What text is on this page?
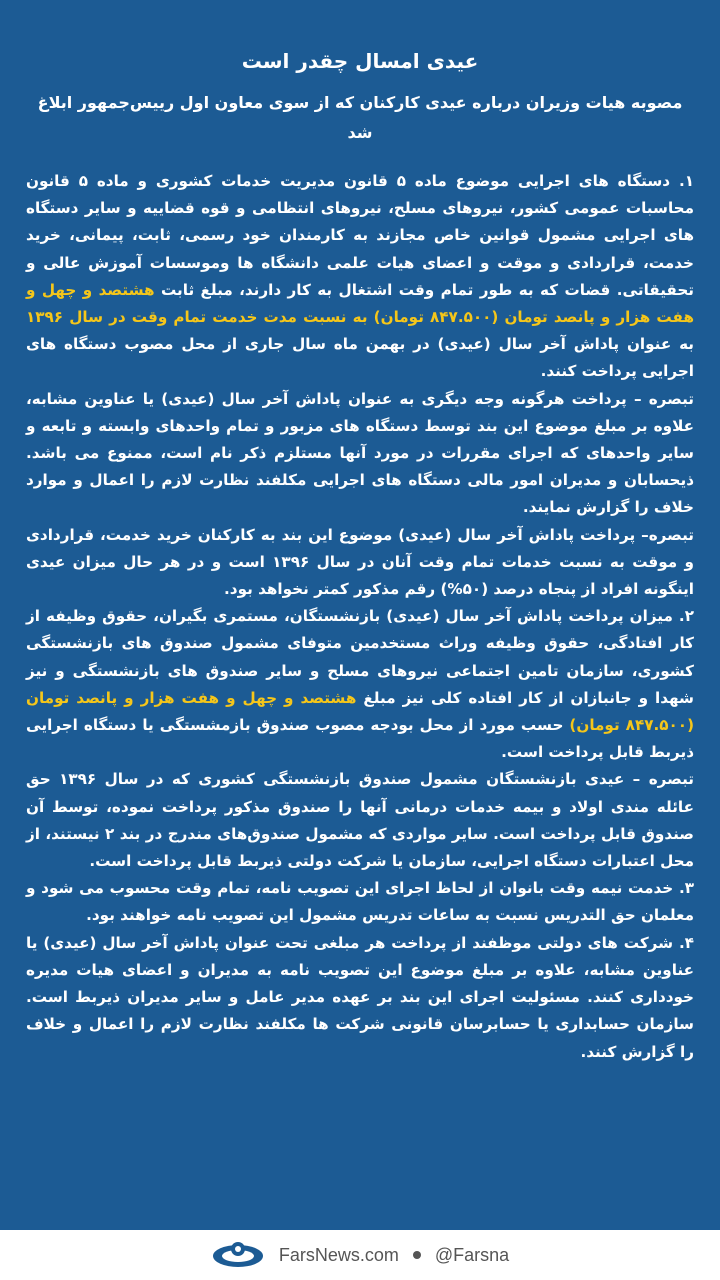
عیدی امسال چقدر است
مصوبه هیات وزیران درباره عیدی کارکنان که از سوی معاون اول رییس‌جمهور ابلاغ شد

۱. دستگاه های اجرایی موضوع ماده ۵ قانون مدیریت خدمات کشوری و ماده ۵ قانون محاسبات عمومی کشور، نیروهای مسلح، نیروهای انتظامی و قوه قضاییه و سایر دستگاه های اجرایی مشمول قوانین خاص مجازند به کارمندان خود رسمی، ثابت، پیمانی، خرید خدمت، قراردادی و موقت و اعضای هیات علمی دانشگاه ها وموسسات آموزش عالی و تحقیقاتی. قضات که به طور تمام وقت اشتغال به کار دارند، مبلغ ثابت هشتصد و چهل و هفت هزار و پانصد تومان (۸۴۷.۵۰۰ تومان) به نسبت مدت خدمت تمام وقت در سال ۱۳۹۶ به عنوان پاداش آخر سال (عیدی) در بهمن ماه سال جاری از محل مصوب دستگاه های اجرایی پرداخت کنند.

تبصره – پرداخت هرگونه وجه دیگری به عنوان پاداش آخر سال (عیدی) یا عناوین مشابه، علاوه بر مبلغ موضوع این بند توسط دستگاه های مزبور و تمام واحدهای وابسته و تابعه و سایر واحدهای که اجرای مقررات در مورد آنها مستلزم ذکر نام است، ممنوع می باشد. ذیحسابان و مدیران امور مالی دستگاه های اجرایی مکلفند نظارت لازم را اعمال و موارد خلاف را گزارش نمایند.

تبصره– پرداخت پاداش آخر سال (عیدی) موضوع این بند به کارکنان خرید خدمت، قراردادی و موقت به نسبت خدمات تمام وقت آنان در سال ۱۳۹۶ است و در هر حال میزان عیدی اینگونه افراد از پنجاه درصد (۵۰%) رقم مذکور کمتر نخواهد بود.

۲. میزان پرداخت پاداش آخر سال (عیدی) بازنشستگان، مستمری بگیران، حقوق وظیفه از کار افتادگی، حقوق وظیفه وراث مستخدمین متوفای مشمول صندوق های بازنشستگی کشوری، سازمان تامین اجتماعی نیروهای مسلح و سایر صندوق های بازنشستگی و نیز شهدا و جانبازان از کار افتاده کلی نیز مبلغ هشتصد و چهل و هفت هزار و پانصد تومان (۸۴۷.۵۰۰ تومان) حسب مورد از محل بودجه مصوب صندوق بازمشستگی یا دستگاه اجرایی ذیربط قابل پرداخت است.

تبصره – عیدی بازنشستگان مشمول صندوق بازنشستگی کشوری که در سال ۱۳۹۶ حق عائله مندی اولاد و بیمه خدمات درمانی آنها را صندوق مذکور پرداخت نموده، توسط آن صندوق قابل پرداخت است. سایر مواردی که مشمول صندوق‌های مندرج در بند ۲ نیستند، از محل اعتبارات دستگاه اجرایی، سازمان یا شرکت دولتی ذیربط قابل پرداخت است.

۳. خدمت نیمه وقت بانوان از لحاظ اجرای این تصویب نامه، تمام وقت محسوب می شود و معلمان حق التدریس نسبت به ساعات تدریس مشمول این تصویب نامه خواهند بود.

۴. شرکت های دولتی موظفند از پرداخت هر مبلغی تحت عنوان پاداش آخر سال (عیدی) یا عناوین مشابه، علاوه بر مبلغ موضوع این تصویب نامه به مدیران و اعضای هیات مدیره خودداری کنند. مسئولیت اجرای این بند بر عهده مدیر عامل و سایر مدیران ذیربط است. سازمان حسابداری یا حسابرسان قانونی شرکت ها مکلفند نظارت لازم را اعمال و خلاف را گزارش کنند.

FarsNews.com @Farsna
